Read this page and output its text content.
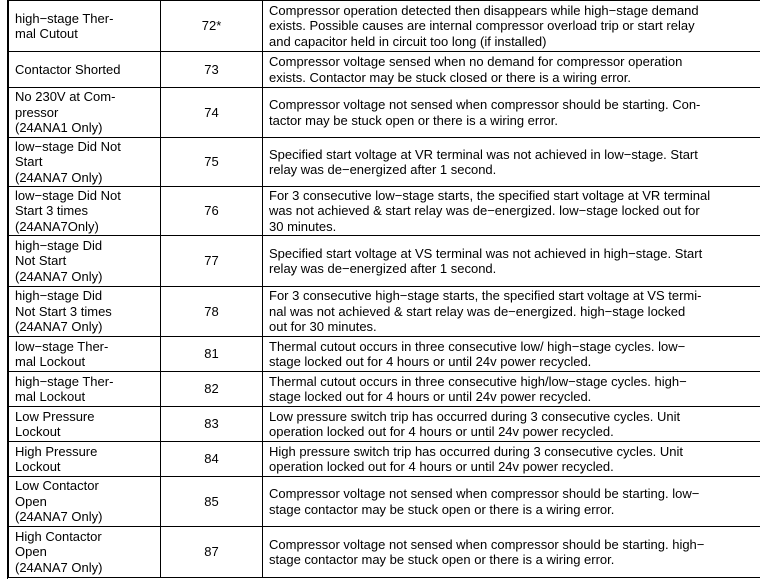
high−stage Ther-
mal Cutout	72*	Compressor operation detected then disappears while high−stage demand
exists. Possible causes are internal compressor overload trip or start relay
and capacitor held in circuit too long (if installed)
Contactor Shorted	73	Compressor voltage sensed when no demand for compressor operation
exists. Contactor may be stuck closed or there is a wiring error.
No 230V at Com-
pressor
(24ANA1 Only)	74	Compressor voltage not sensed when compressor should be starting. Con-
tactor may be stuck open or there is a wiring error.
low−stage Did Not
Start
(24ANA7 Only)	75	Specified start voltage at VR terminal was not achieved in low−stage. Start
relay was de−energized after 1 second.
low−stage Did Not
Start 3 times
(24ANA7Only)	76	For 3 consecutive low−stage starts, the specified start voltage at VR terminal
was not achieved & start relay was de−energized. low−stage locked out for
30 minutes.
high−stage Did
Not Start
(24ANA7 Only)	77	Specified start voltage at VS terminal was not achieved in high−stage. Start
relay was de−energized after 1 second.
high−stage Did
Not Start 3 times
(24ANA7 Only)	78	For 3 consecutive high−stage starts, the specified start voltage at VS termi-
nal was not achieved & start relay was de−energized. high−stage locked
out for 30 minutes.
low−stage Ther-
mal Lockout	81	Thermal cutout occurs in three consecutive low/ high−stage cycles. low−
stage locked out for 4 hours or until 24v power recycled.
high−stage Ther-
mal Lockout	82	Thermal cutout occurs in three consecutive high/low−stage cycles. high−
stage locked out for 4 hours or until 24v power recycled.
Low Pressure
Lockout	83	Low pressure switch trip has occurred during 3 consecutive cycles. Unit
operation locked out for 4 hours or until 24v power recycled.
High Pressure
Lockout	84	High pressure switch trip has occurred during 3 consecutive cycles. Unit
operation locked out for 4 hours or until 24v power recycled.
Low Contactor
Open
(24ANA7 Only)	85	Compressor voltage not sensed when compressor should be starting. low−
stage contactor may be stuck open or there is a wiring error.
High Contactor
Open
(24ANA7 Only)	87	Compressor voltage not sensed when compressor should be starting. high−
stage contactor may be stuck open or there is a wiring error.
